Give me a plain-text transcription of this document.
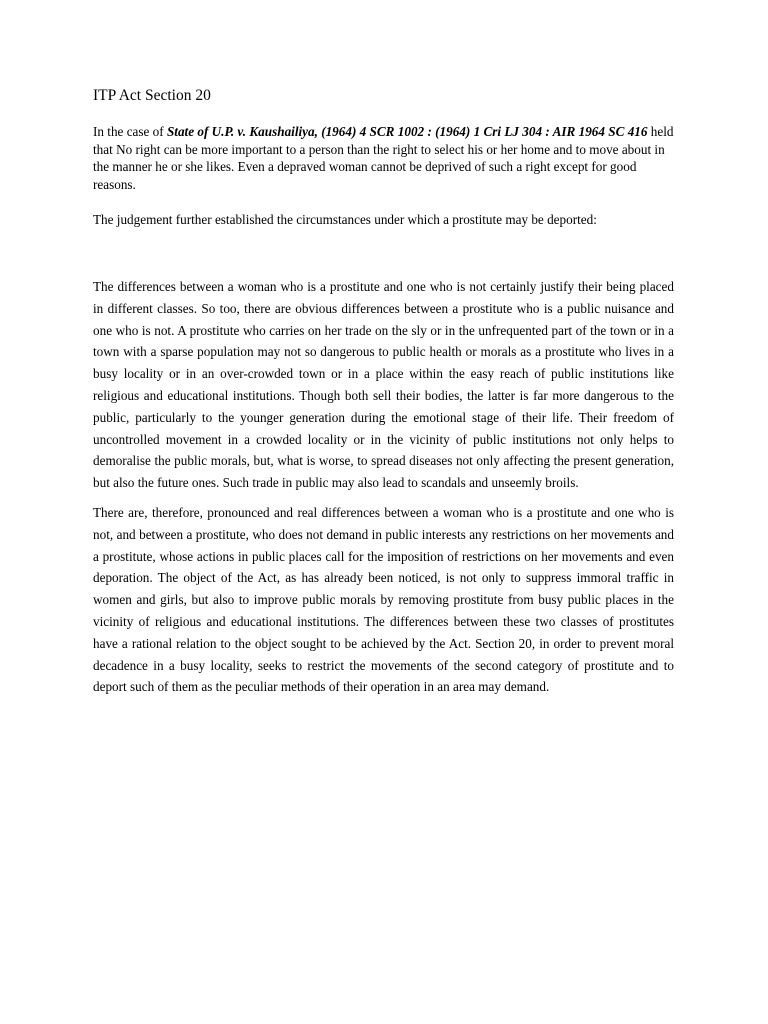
ITP Act Section 20

In the case of State of U.P. v. Kaushailiya, (1964) 4 SCR 1002 : (1964) 1 Cri LJ 304 : AIR 1964 SC 416 held that No right can be more important to a person than the right to select his or her home and to move about in the manner he or she likes. Even a depraved woman cannot be deprived of such a right except for good reasons.

The judgement further established the circumstances under which a prostitute may be deported:

The differences between a woman who is a prostitute and one who is not certainly justify their being placed in different classes. So too, there are obvious differences between a prostitute who is a public nuisance and one who is not. A prostitute who carries on her trade on the sly or in the unfrequented part of the town or in a town with a sparse population may not so dangerous to public health or morals as a prostitute who lives in a busy locality or in an over-crowded town or in a place within the easy reach of public institutions like religious and educational institutions. Though both sell their bodies, the latter is far more dangerous to the public, particularly to the younger generation during the emotional stage of their life. Their freedom of uncontrolled movement in a crowded locality or in the vicinity of public institutions not only helps to demoralise the public morals, but, what is worse, to spread diseases not only affecting the present generation, but also the future ones. Such trade in public may also lead to scandals and unseemly broils.

There are, therefore, pronounced and real differences between a woman who is a prostitute and one who is not, and between a prostitute, who does not demand in public interests any restrictions on her movements and a prostitute, whose actions in public places call for the imposition of restrictions on her movements and even deporation. The object of the Act, as has already been noticed, is not only to suppress immoral traffic in women and girls, but also to improve public morals by removing prostitute from busy public places in the vicinity of religious and educational institutions. The differences between these two classes of prostitutes have a rational relation to the object sought to be achieved by the Act. Section 20, in order to prevent moral decadence in a busy locality, seeks to restrict the movements of the second category of prostitute and to deport such of them as the peculiar methods of their operation in an area may demand.
